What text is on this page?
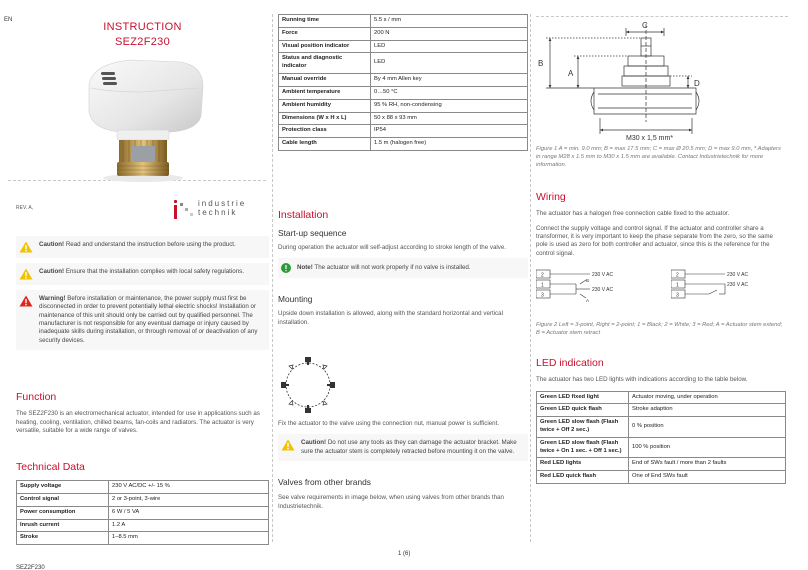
EN
INSTRUCTION
SEZ2F230
REV. A,	industrie
technik
Caution! Read and understand the instruction before using the product.
Caution! Ensure that the installation complies with local safety regulations.
Warning! Before installation or maintenance, the power supply must first be disconnected in order to prevent potentially lethal electric shocks! Installation or maintenance of this unit should only be carried out by qualified personnel. The manufacturer is not responsible for any eventual damage or injury caused by inadequate skills during installation, or through removal of or deactivation of any security devices.
Function
The SEZ2F230 is an electromechanical actuator, intended for use in applications such as heating, cooling, ventilation, chilled beams, fan-coils and radiators. The actuator is very versatile, suitable for a wide range of valves.
Technical Data
Supply voltage	230 V AC/DC +/- 15 %
Control signal	2 or 3-point, 3-wire
Power consumption	6 W / 5 VA
Inrush current	1.2 A
Stroke	1–8.5 mm
SEZ2F230
1 (6)
Running time	5.5 s / mm
Force	200 N
Visual position indicator	LED
Status and diagnostic indicator	LED
Manual override	By 4 mm Allen key
Ambient temperature	0…50 °C
Ambient humidity	95 % RH, non-condensing
Dimensions (W x H x L)	50 x 88 x 93 mm
Protection class	IP54
Cable length	1.5 m (halogen free)
Installation
Start-up sequence
During operation the actuator will self-adjust according to stroke length of the valve.
Note! The actuator will not work properly if no valve is installed.
Mounting
Upside down installation is allowed, along with the standard horizontal and vertical installation.
Fix the actuator to the valve using the connection nut, manual power is sufficient.
Caution! Do not use any tools as they can damage the actuator bracket. Make sure the actuator stem is completely retracted before mounting it on the valve.
Valves from other brands
See valve requirements in image below, when using valves from other brands than Industrietechnik.
C
B
A
D
M30 x 1,5 mm*
Figure 1 A = min. 9.0 mm; B = max 17.5 mm; C = max Ø 20.5 mm; D = max 9.0 mm, * Adapters in range M28 x 1.5 mm to M30 x 1.5 mm are available. Contact Industrietechnik for more information.
Wiring
The actuator has a halogen free connection cable fixed to the actuator.
Connect the supply voltage and control signal. If the actuator and controller share a transformer, it is very important to keep the phase separate from the zero, so the same pole is used as zero for both controller and actuator, since this is the reference for the control signal.
2
1
3
230 V AC
230 V AC
B
A
2
1
3
230 V AC
230 V AC
Figure 2 Left = 3-point, Right = 2-point; 1 = Black; 2 = White; 3 = Red; A = Actuator stem extend; B = Actuator stem retract
LED indication
The actuator has two LED lights with indications according to the table below.
Green LED fixed light	Actuator moving, under operation
Green LED quick flash	Stroke adaption
Green LED slow flash (Flash twice + Off 2 sec.)	0 % position
Green LED slow flash (Flash twice + On 1 sec. + Off 1 sec.)	100 % position
Red LED lights	End of SWs fault / more than 2 faults
Red LED quick flash	One of End SWs fault
